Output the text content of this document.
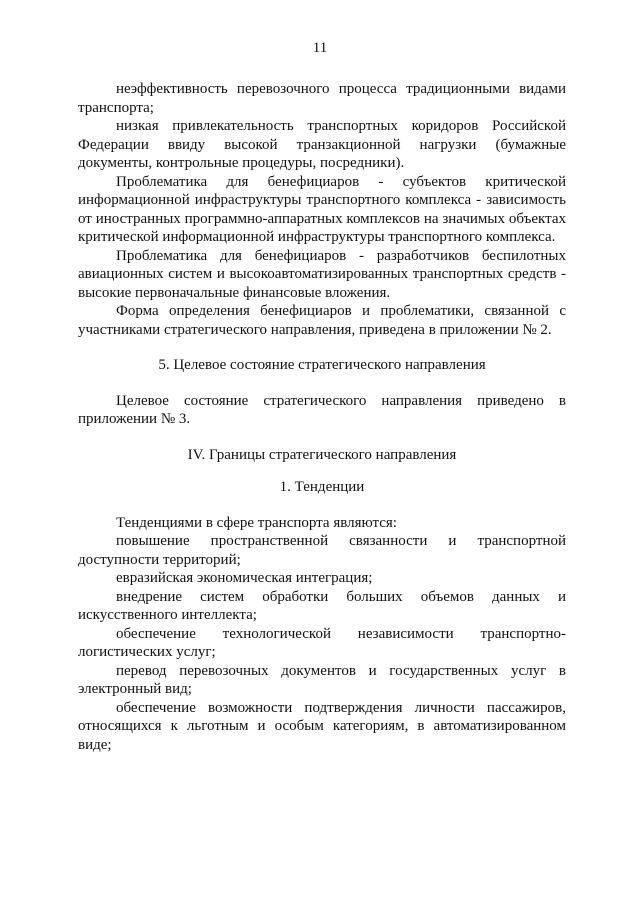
11

неэффективность перевозочного процесса традиционными видами транспорта;

низкая привлекательность транспортных коридоров Российской Федерации ввиду высокой транзакционной нагрузки (бумажные документы, контрольные процедуры, посредники).

Проблематика для бенефициаров - субъектов критической информационной инфраструктуры транспортного комплекса - зависимость от иностранных программно-аппаратных комплексов на значимых объектах критической информационной инфраструктуры транспортного комплекса.

Проблематика для бенефициаров - разработчиков беспилотных авиационных систем и высокоавтоматизированных транспортных средств - высокие первоначальные финансовые вложения.

Форма определения бенефициаров и проблематики, связанной с участниками стратегического направления, приведена в приложении № 2.

5. Целевое состояние стратегического направления

Целевое состояние стратегического направления приведено в приложении № 3.

IV. Границы стратегического направления

1. Тенденции

Тенденциями в сфере транспорта являются:

повышение пространственной связанности и транспортной доступности территорий;

евразийская экономическая интеграция;

внедрение систем обработки больших объемов данных и искусственного интеллекта;

обеспечение технологической независимости транспортно-логистических услуг;

перевод перевозочных документов и государственных услуг в электронный вид;

обеспечение возможности подтверждения личности пассажиров, относящихся к льготным и особым категориям, в автоматизированном виде;
